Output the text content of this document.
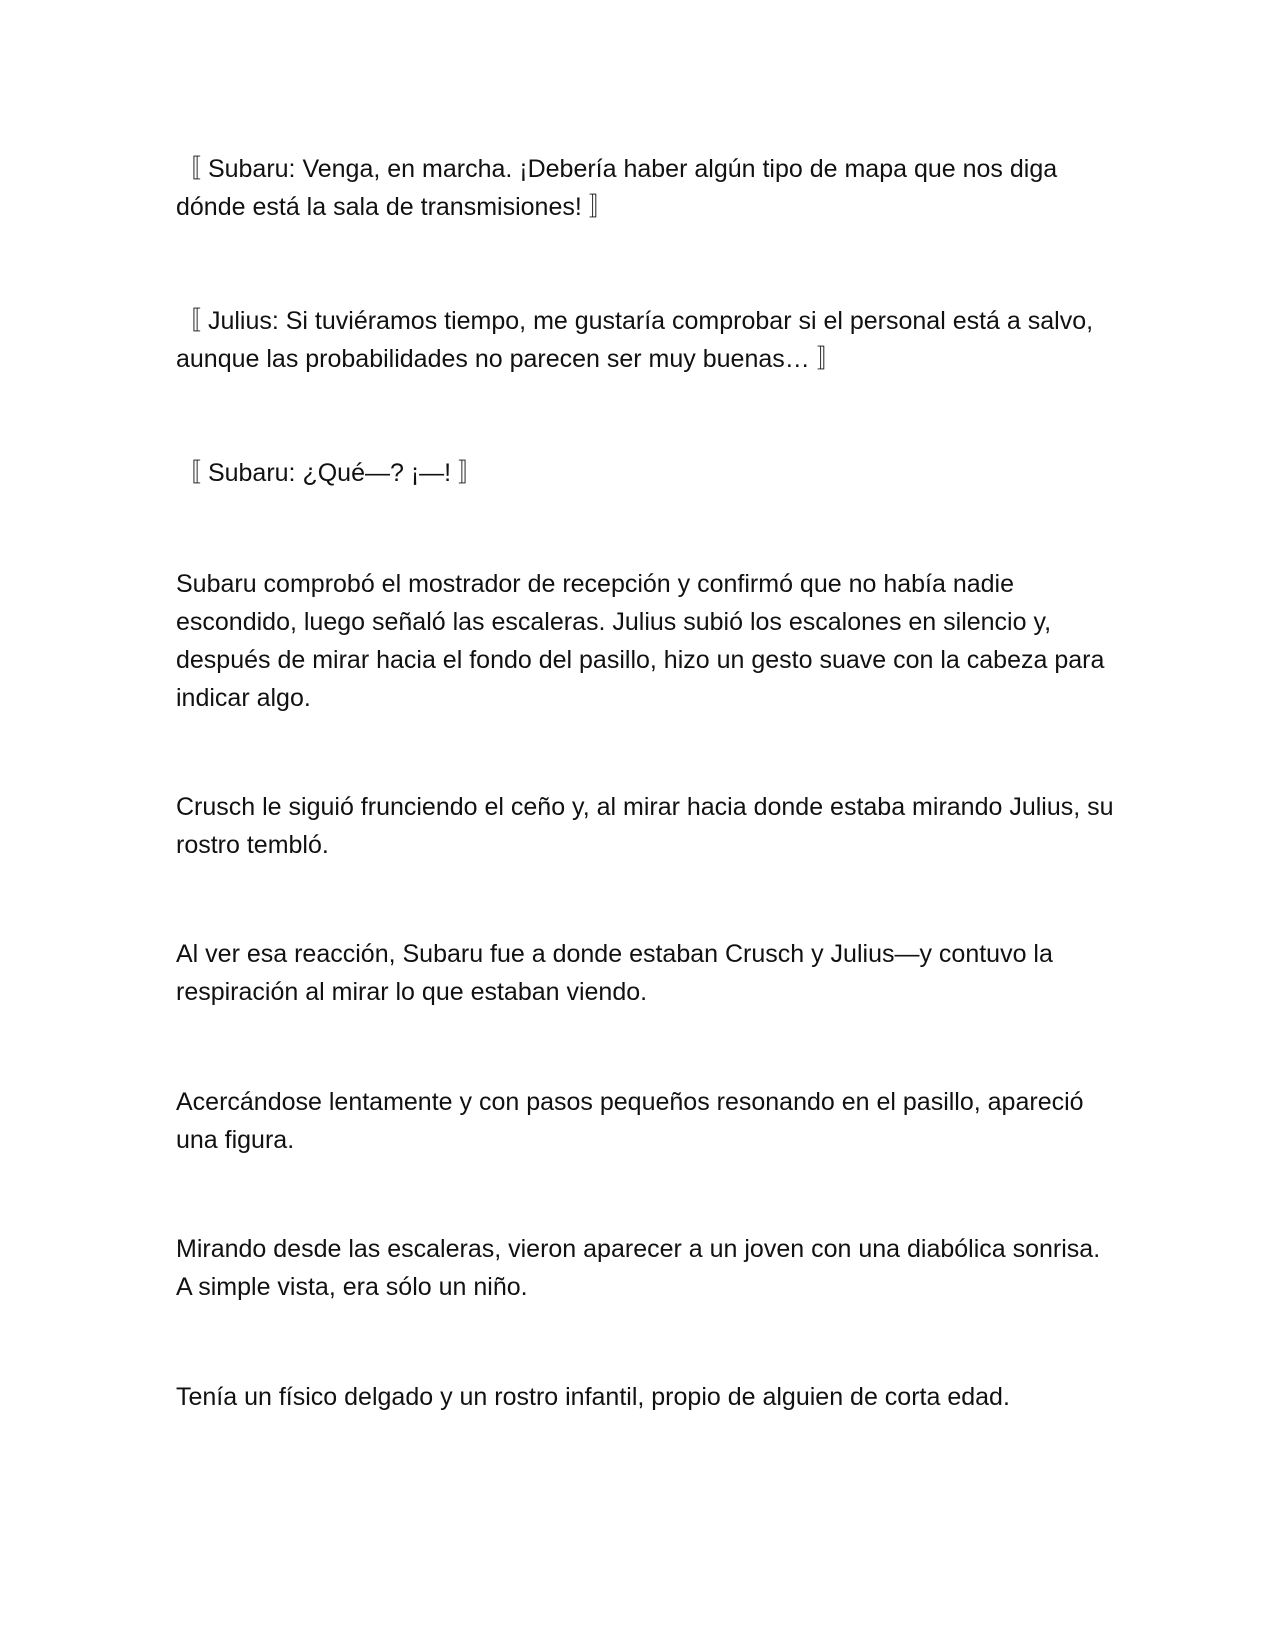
〚 Subaru: Venga, en marcha. ¡Debería haber algún tipo de mapa que nos diga dónde está la sala de transmisiones! 〛

〚 Julius: Si tuviéramos tiempo, me gustaría comprobar si el personal está a salvo, aunque las probabilidades no parecen ser muy buenas… 〛

〚 Subaru: ¿Qué—? ¡—! 〛

Subaru comprobó el mostrador de recepción y confirmó que no había nadie escondido, luego señaló las escaleras. Julius subió los escalones en silencio y, después de mirar hacia el fondo del pasillo, hizo un gesto suave con la cabeza para indicar algo.

Crusch le siguió frunciendo el ceño y, al mirar hacia donde estaba mirando Julius, su rostro tembló.

Al ver esa reacción, Subaru fue a donde estaban Crusch y Julius—y contuvo la respiración al mirar lo que estaban viendo.

Acercándose lentamente y con pasos pequeños resonando en el pasillo, apareció una figura.

Mirando desde las escaleras, vieron aparecer a un joven con una diabólica sonrisa. A simple vista, era sólo un niño.

Tenía un físico delgado y un rostro infantil, propio de alguien de corta edad.
